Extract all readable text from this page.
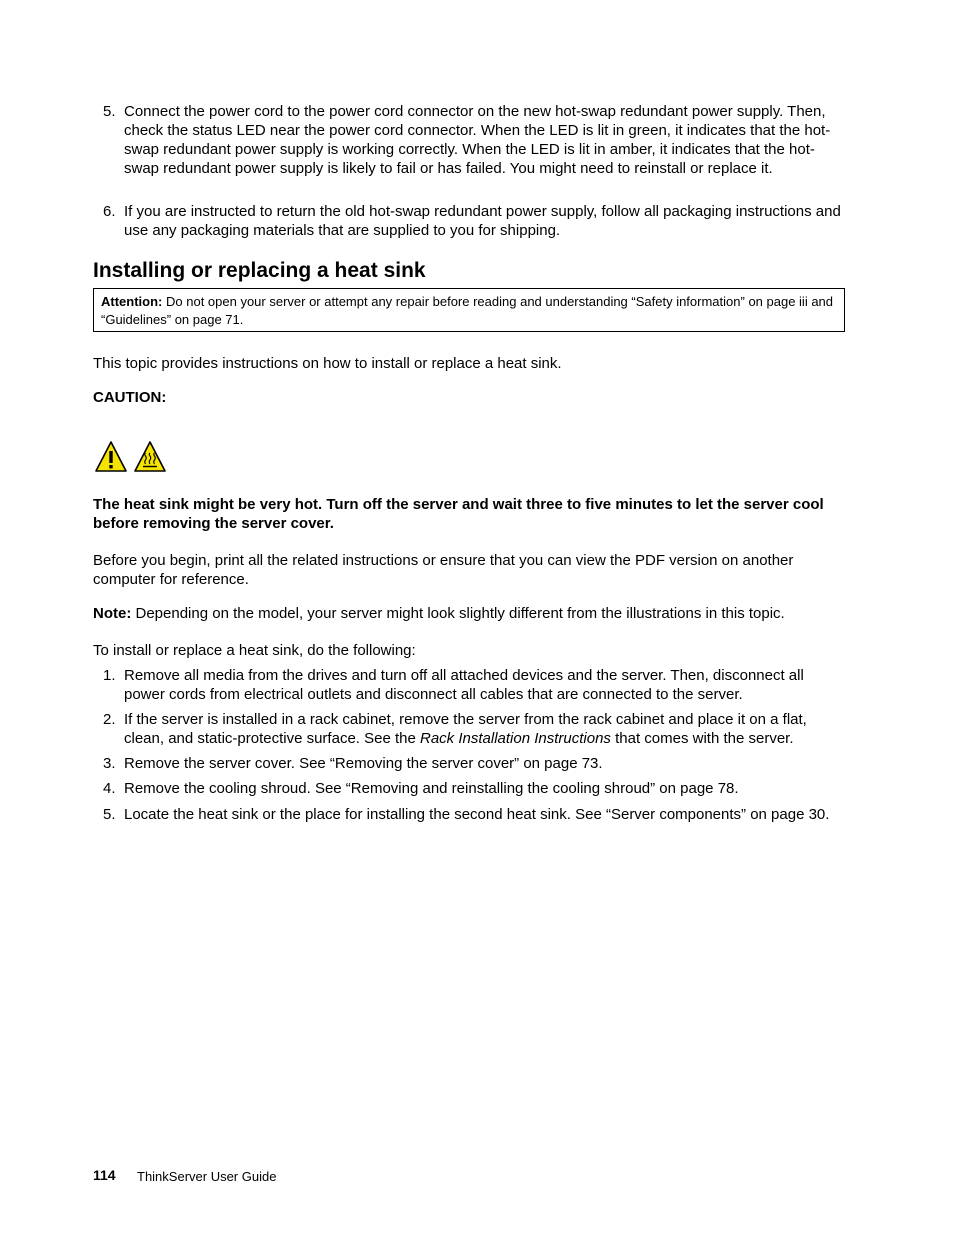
5. Connect the power cord to the power cord connector on the new hot-swap redundant power supply. Then, check the status LED near the power cord connector. When the LED is lit in green, it indicates that the hot-swap redundant power supply is working correctly. When the LED is lit in amber, it indicates that the hot-swap redundant power supply is likely to fail or has failed. You might need to reinstall or replace it.
6. If you are instructed to return the old hot-swap redundant power supply, follow all packaging instructions and use any packaging materials that are supplied to you for shipping.
Installing or replacing a heat sink
Attention: Do not open your server or attempt any repair before reading and understanding “Safety information” on page iii and “Guidelines” on page 71.
This topic provides instructions on how to install or replace a heat sink.
CAUTION:
The heat sink might be very hot. Turn off the server and wait three to five minutes to let the server cool before removing the server cover.
Before you begin, print all the related instructions or ensure that you can view the PDF version on another computer for reference.
Note: Depending on the model, your server might look slightly different from the illustrations in this topic.
To install or replace a heat sink, do the following:
1. Remove all media from the drives and turn off all attached devices and the server. Then, disconnect all power cords from electrical outlets and disconnect all cables that are connected to the server.
2. If the server is installed in a rack cabinet, remove the server from the rack cabinet and place it on a flat, clean, and static-protective surface. See the Rack Installation Instructions that comes with the server.
3. Remove the server cover. See “Removing the server cover” on page 73.
4. Remove the cooling shroud. See “Removing and reinstalling the cooling shroud” on page 78.
5. Locate the heat sink or the place for installing the second heat sink. See “Server components” on page 30.
114 ThinkServer User Guide
